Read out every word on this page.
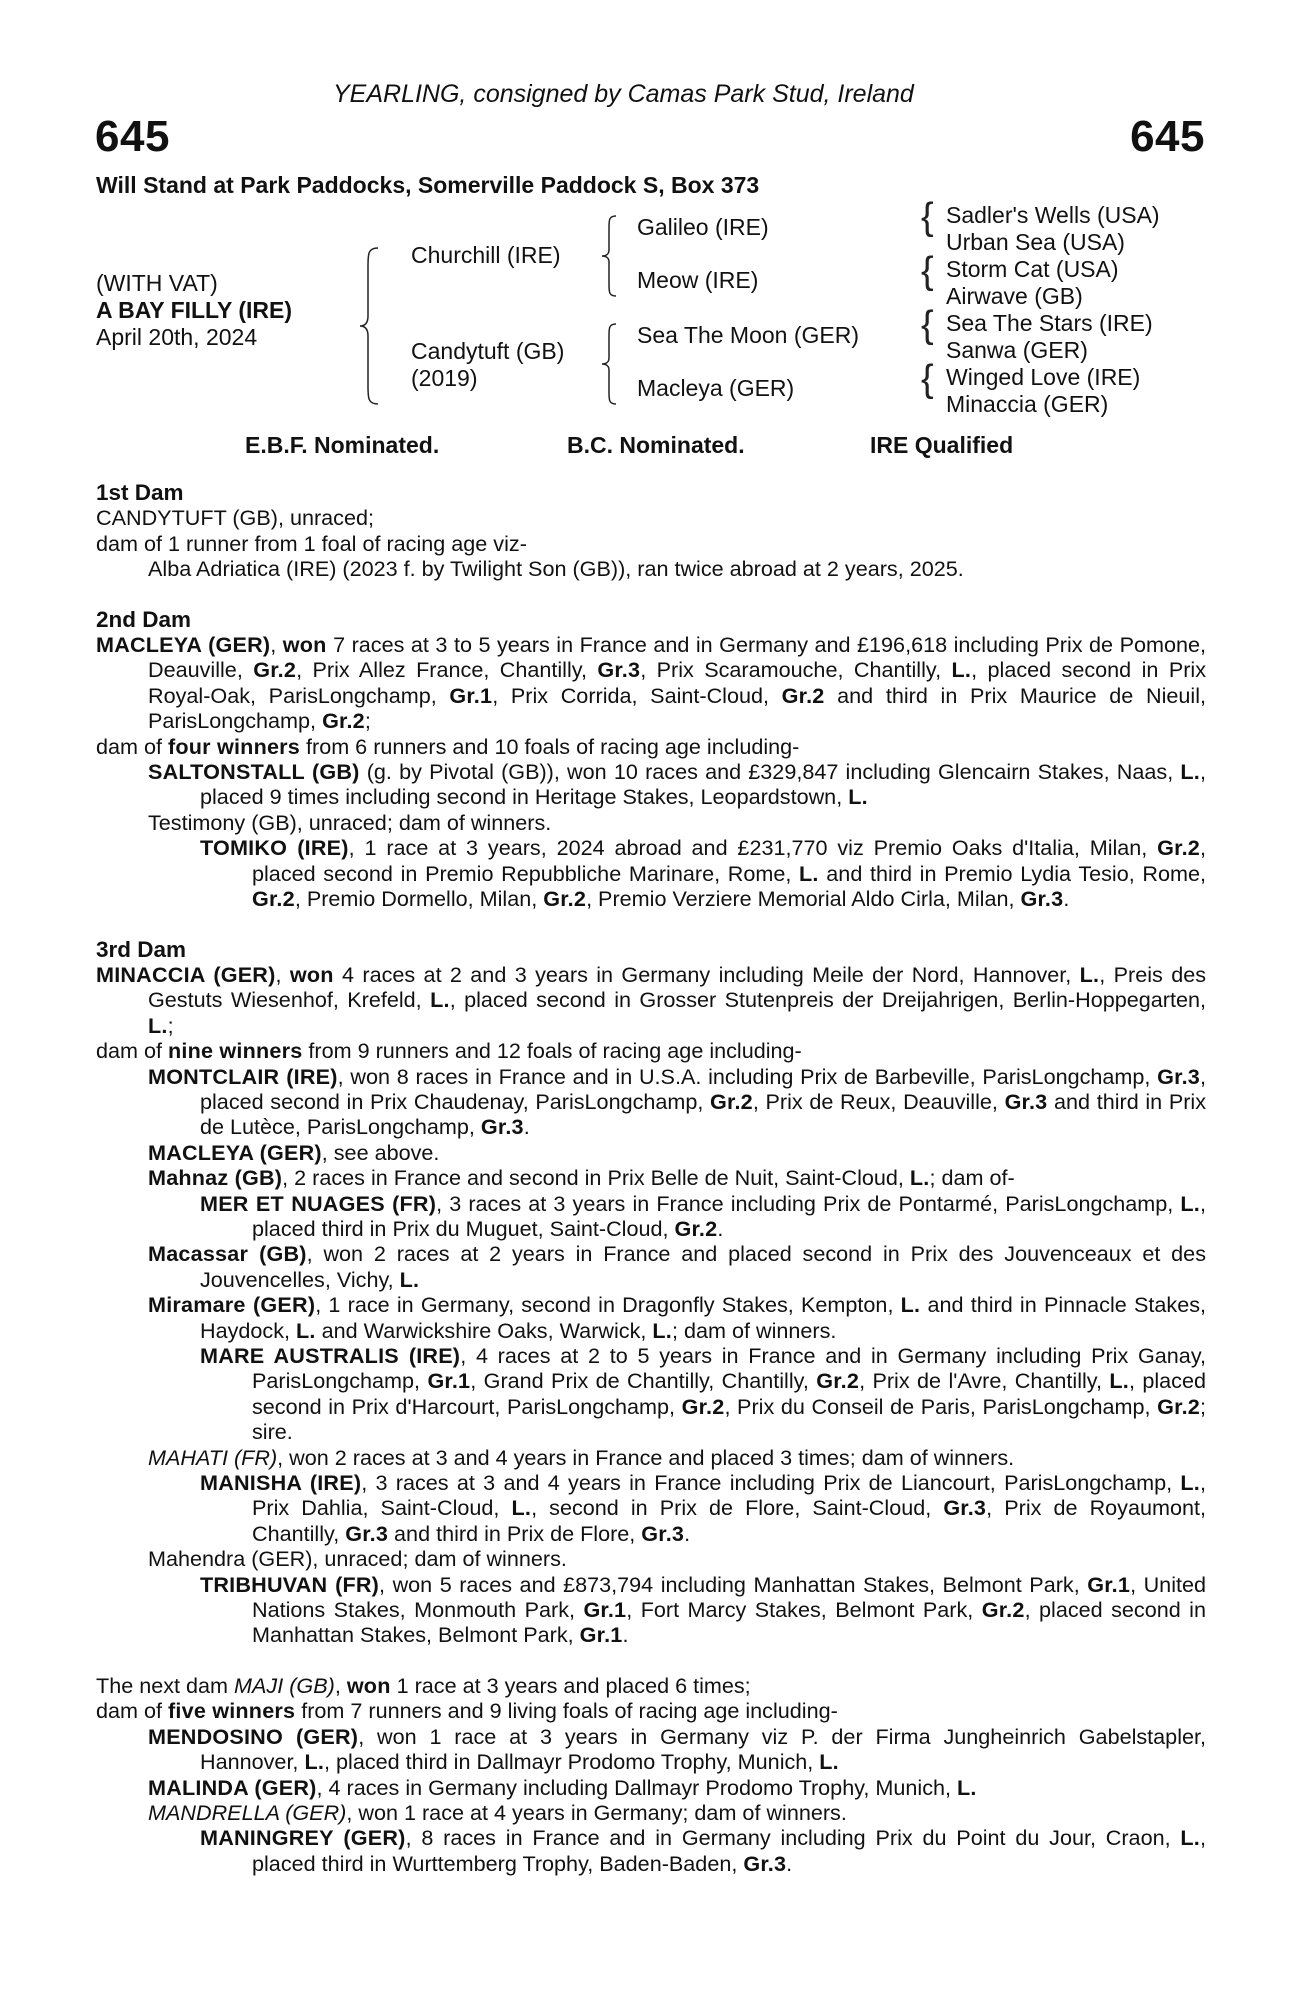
YEARLING, consigned by Camas Park Stud, Ireland
645	645
Will Stand at Park Paddocks, Somerville Paddock S, Box 373
(WITH VAT)
A BAY FILLY (IRE)
April 20th, 2024
Churchill (IRE)
Candytuft (GB)
(2019)
Galileo (IRE)
Meow (IRE)
Sea The Moon (GER)
Macleya (GER)
{
{
{
{
Sadler's Wells (USA)
Urban Sea (USA)
Storm Cat (USA)
Airwave (GB)
Sea The Stars (IRE)
Sanwa (GER)
Winged Love (IRE)
Minaccia (GER)
E.B.F. Nominated.	B.C. Nominated.	IRE Qualified

1st Dam

CANDYTUFT (GB), unraced;

dam of 1 runner from 1 foal of racing age viz-

Alba Adriatica (IRE) (2023 f. by Twilight Son (GB)), ran twice abroad at 2 years, 2025.

2nd Dam

MACLEYA (GER), won 7 races at 3 to 5 years in France and in Germany and £196,618 including Prix de Pomone, Deauville, Gr.2, Prix Allez France, Chantilly, Gr.3, Prix Scaramouche, Chantilly, L., placed second in Prix Royal-Oak, ParisLongchamp, Gr.1, Prix Corrida, Saint-Cloud, Gr.2 and third in Prix Maurice de Nieuil, ParisLongchamp, Gr.2;

dam of four winners from 6 runners and 10 foals of racing age including-

SALTONSTALL (GB) (g. by Pivotal (GB)), won 10 races and £329,847 including Glencairn Stakes, Naas, L., placed 9 times including second in Heritage Stakes, Leopardstown, L.

Testimony (GB), unraced; dam of winners.

TOMIKO (IRE), 1 race at 3 years, 2024 abroad and £231,770 viz Premio Oaks d'Italia, Milan, Gr.2, placed second in Premio Repubbliche Marinare, Rome, L. and third in Premio Lydia Tesio, Rome, Gr.2, Premio Dormello, Milan, Gr.2, Premio Verziere Memorial Aldo Cirla, Milan, Gr.3.

3rd Dam

MINACCIA (GER), won 4 races at 2 and 3 years in Germany including Meile der Nord, Hannover, L., Preis des Gestuts Wiesenhof, Krefeld, L., placed second in Grosser Stutenpreis der Dreijahrigen, Berlin-Hoppegarten, L.;

dam of nine winners from 9 runners and 12 foals of racing age including-

MONTCLAIR (IRE), won 8 races in France and in U.S.A. including Prix de Barbeville, ParisLongchamp, Gr.3, placed second in Prix Chaudenay, ParisLongchamp, Gr.2, Prix de Reux, Deauville, Gr.3 and third in Prix de Lutèce, ParisLongchamp, Gr.3.

MACLEYA (GER), see above.

Mahnaz (GB), 2 races in France and second in Prix Belle de Nuit, Saint-Cloud, L.; dam of-

MER ET NUAGES (FR), 3 races at 3 years in France including Prix de Pontarmé, ParisLongchamp, L., placed third in Prix du Muguet, Saint-Cloud, Gr.2.

Macassar (GB), won 2 races at 2 years in France and placed second in Prix des Jouvenceaux et des Jouvencelles, Vichy, L.

Miramare (GER), 1 race in Germany, second in Dragonfly Stakes, Kempton, L. and third in Pinnacle Stakes, Haydock, L. and Warwickshire Oaks, Warwick, L.; dam of winners.

MARE AUSTRALIS (IRE), 4 races at 2 to 5 years in France and in Germany including Prix Ganay, ParisLongchamp, Gr.1, Grand Prix de Chantilly, Chantilly, Gr.2, Prix de l'Avre, Chantilly, L., placed second in Prix d'Harcourt, ParisLongchamp, Gr.2, Prix du Conseil de Paris, ParisLongchamp, Gr.2; sire.

MAHATI (FR), won 2 races at 3 and 4 years in France and placed 3 times; dam of winners.

MANISHA (IRE), 3 races at 3 and 4 years in France including Prix de Liancourt, ParisLongchamp, L., Prix Dahlia, Saint-Cloud, L., second in Prix de Flore, Saint-Cloud, Gr.3, Prix de Royaumont, Chantilly, Gr.3 and third in Prix de Flore, Gr.3.

Mahendra (GER), unraced; dam of winners.

TRIBHUVAN (FR), won 5 races and £873,794 including Manhattan Stakes, Belmont Park, Gr.1, United Nations Stakes, Monmouth Park, Gr.1, Fort Marcy Stakes, Belmont Park, Gr.2, placed second in Manhattan Stakes, Belmont Park, Gr.1.

The next dam MAJI (GB), won 1 race at 3 years and placed 6 times;

dam of five winners from 7 runners and 9 living foals of racing age including-

MENDOSINO (GER), won 1 race at 3 years in Germany viz P. der Firma Jungheinrich Gabelstapler, Hannover, L., placed third in Dallmayr Prodomo Trophy, Munich, L.

MALINDA (GER), 4 races in Germany including Dallmayr Prodomo Trophy, Munich, L.

MANDRELLA (GER), won 1 race at 4 years in Germany; dam of winners.

MANINGREY (GER), 8 races in France and in Germany including Prix du Point du Jour, Craon, L., placed third in Wurttemberg Trophy, Baden-Baden, Gr.3.
